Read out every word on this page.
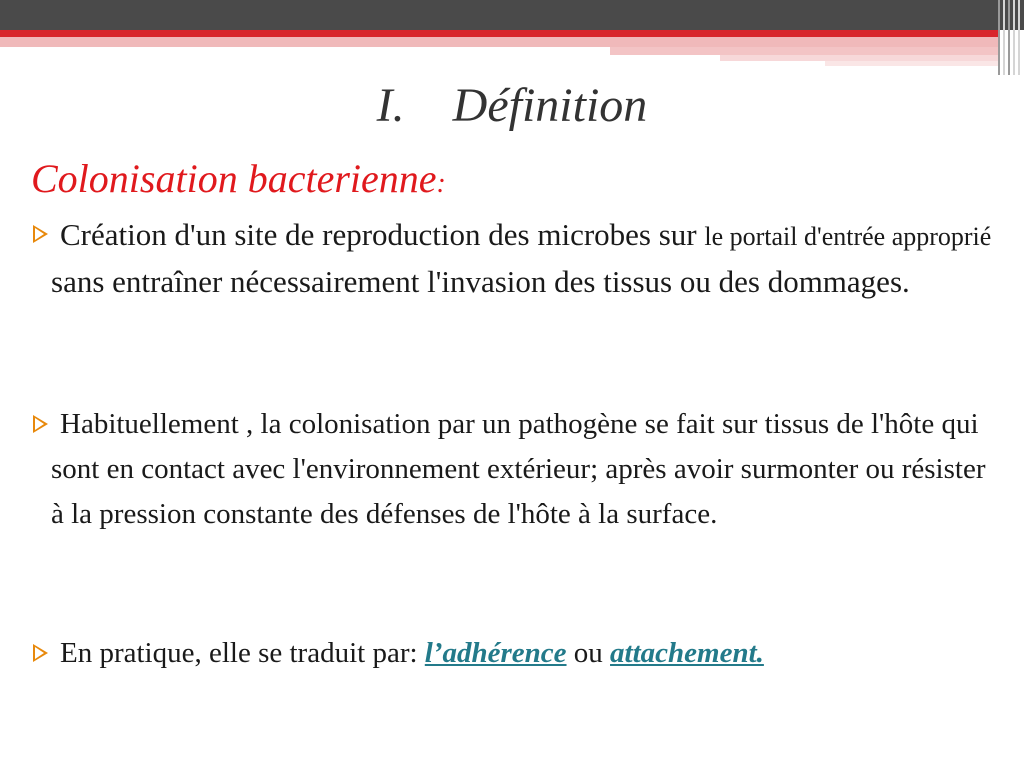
I. Définition
Colonisation bacterienne:
Création d'un site de reproduction des microbes sur le portail d'entrée approprié sans entraîner nécessairement l'invasion des tissus ou des dommages.
Habituellement , la colonisation par un pathogène se fait sur tissus de l'hôte qui sont en contact avec l'environnement extérieur; après avoir surmonter ou résister à la pression constante des défenses de l'hôte à la surface.
En pratique, elle se traduit par: l’adhérence ou attachement.
